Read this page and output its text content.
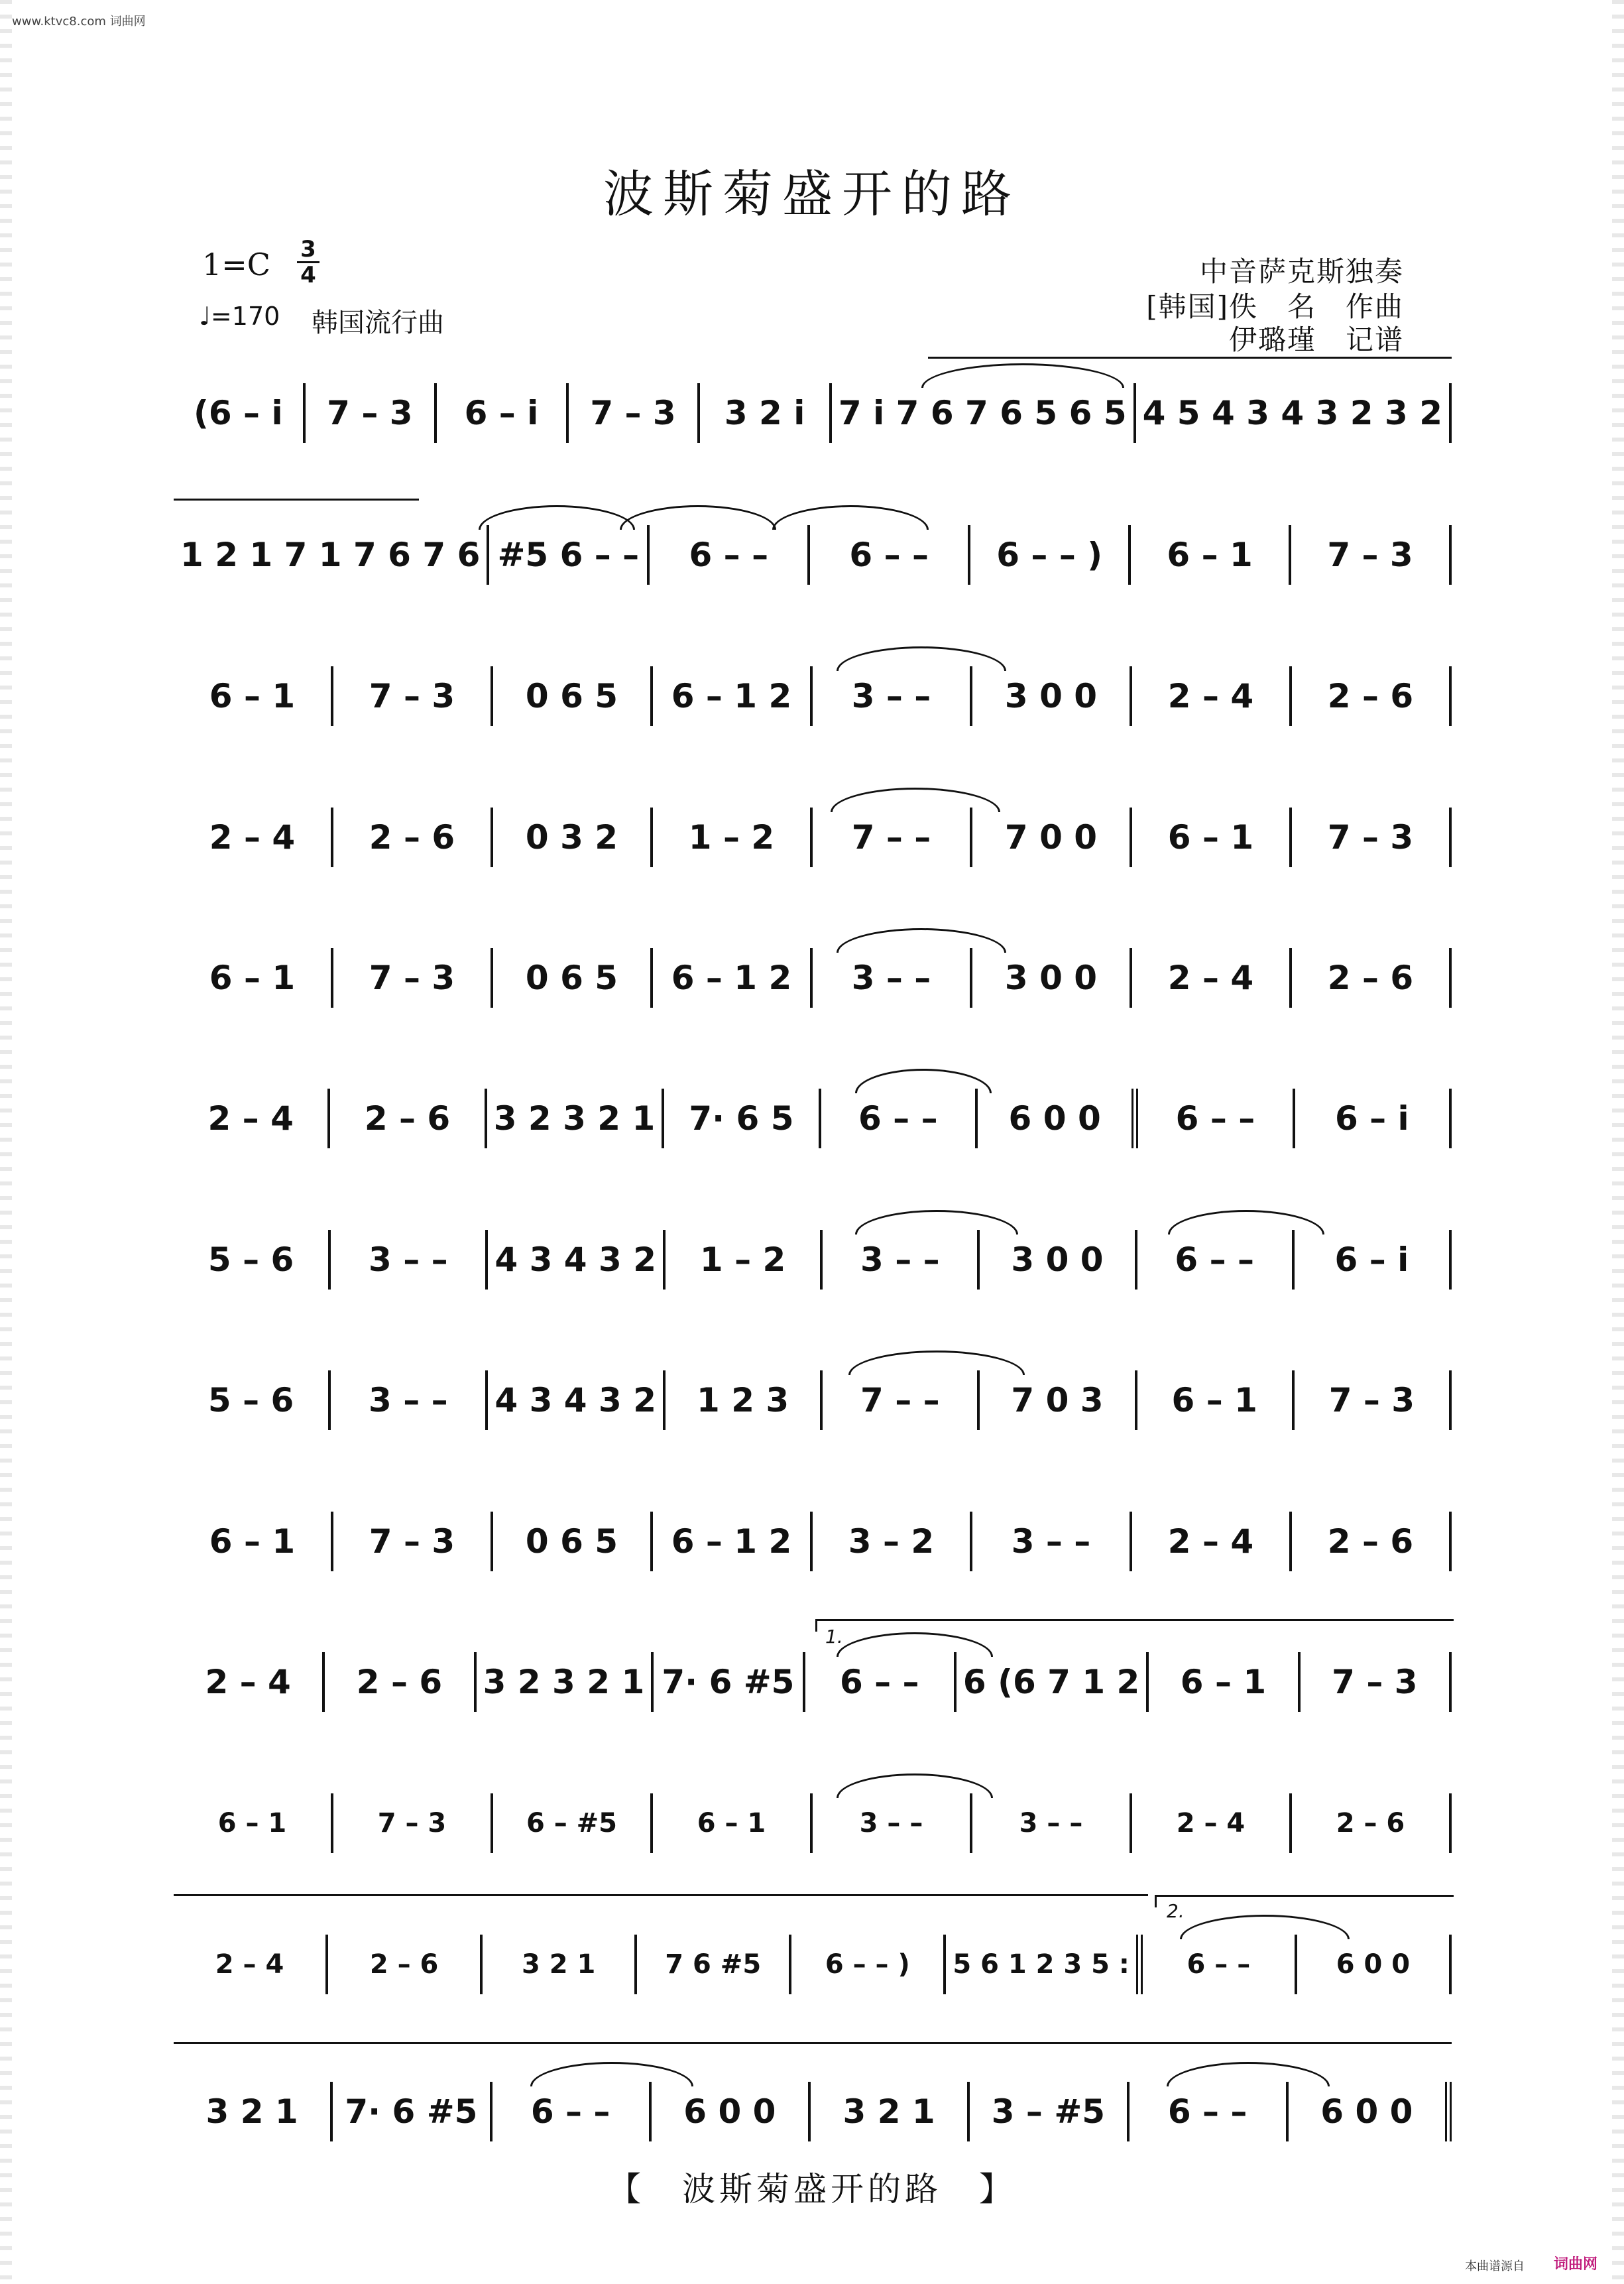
www.ktvc8.com 词曲网
波斯菊盛开的路
1=C 3
4
♩=170 韩国流行曲
中音萨克斯独奏
[韩国]佚　名　作曲
伊璐瑾　记谱
1.
2.
(6 – i	7 – 3	6 – i	7 – 3	3 2 i	7 i 7 6 7 6 5 6 5 4 5 4 3 4 3 2 3 2
1 2 1 7 1 7 6 7 6 #5 6 – –	6 – –	6 – –	6 – – )	6 – 1	7 – 3
6 – 1	7 – 3	0 6 5	6 – 1 2	3 – –	3 0 0	2 – 4	2 – 6
2 – 4	2 – 6	0 3 2	1 – 2	7 – –	7 0 0	6 – 1	7 – 3
6 – 1	7 – 3	0 6 5	6 – 1 2	3 – –	3 0 0	2 – 4	2 – 6
2 – 4	2 – 6	3 2 3 2 1	7· 6 5	6 – –	6 0 0	6 – –	6 – i
5 – 6	3 – –	4 3 4 3 2	1 – 2	3 – –	3 0 0	6 – –	6 – i
5 – 6	3 – –	4 3 4 3 2	1 2 3	7 – –	7 0 3	6 – 1	7 – 3
6 – 1	7 – 3	0 6 5	6 – 1 2	3 – 2	3 – –	2 – 4	2 – 6
2 – 4	2 – 6	3 2 3 2 1 7· 6 #5	6 – –	6 (6 7 1 2	6 – 1	7 – 3
6 – 1	7 – 3	6 – #5	6 – 1	3 – –	3 – –	2 – 4	2 – 6
2 – 4	2 – 6	3 2 1	7 6 #5	6 – – )	5 6 1 2 3 5 :	6 – –	6 0 0
3 2 1	7· 6 #5	6 – –	6 0 0	3 2 1	3 – #5	6 – –	6 0 0
【　波斯菊盛开的路　】
本曲谱源自 词曲网
